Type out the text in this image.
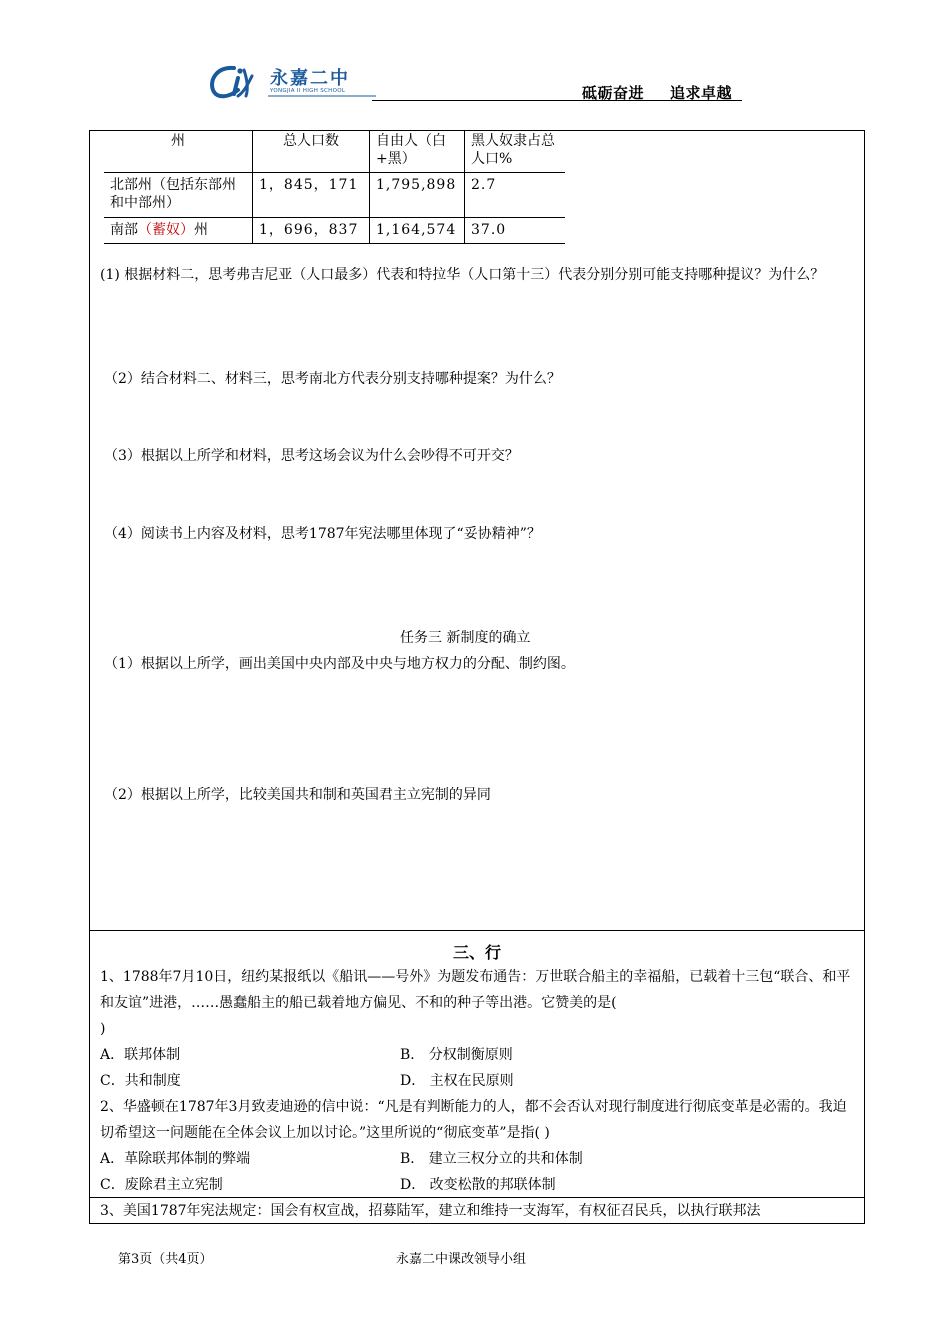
永嘉二中
YONGJIA II HIGH SCHOOL	砥砺奋进 追求卓越
州	总人口数	自由人（白+黑）	黑人奴隶占总人口%
北部州（包括东部州和中部州）	1，845，171	1,795,898	2.7
南部（蓄奴）州	1，696，837	1,164,574	37.0
(1) 根据材料二，思考弗吉尼亚（人口最多）代表和特拉华（人口第十三）代表分别分别可能支持哪种提议？为什么？
（2）结合材料二、材料三，思考南北方代表分别支持哪种提案？为什么？
（3）根据以上所学和材料，思考这场会议为什么会吵得不可开交？
（4）阅读书上内容及材料，思考1787年宪法哪里体现了“妥协精神”？
任务三 新制度的确立
（1）根据以上所学，画出美国中央内部及中央与地方权力的分配、制约图。
（2）根据以上所学，比较美国共和制和英国君主立宪制的异同
三、行
1、1788年7月10日，纽约某报纸以《船讯——号外》为题发布通告：万世联合船主的幸福船，已载着十三包“联合、和平和友谊”进港，……愚蠢船主的船已载着地方偏见、不和的种子等出港。它赞美的是(
)
A．联邦体制	B． 分权制衡原则
C．共和制度	D． 主权在民原则
2、华盛顿在1787年3月致麦迪逊的信中说：“凡是有判断能力的人，都不会否认对现行制度进行彻底变革是必需的。我迫切希望这一问题能在全体会议上加以讨论。”这里所说的“彻底变革”是指( )
A．革除联邦体制的弊端	B． 建立三权分立的共和体制
C．废除君主立宪制	D． 改变松散的邦联体制
3、美国1787年宪法规定：国会有权宣战，招募陆军，建立和维持一支海军，有权征召民兵，以执行联邦法
第3页（共4页）	永嘉二中课改领导小组
